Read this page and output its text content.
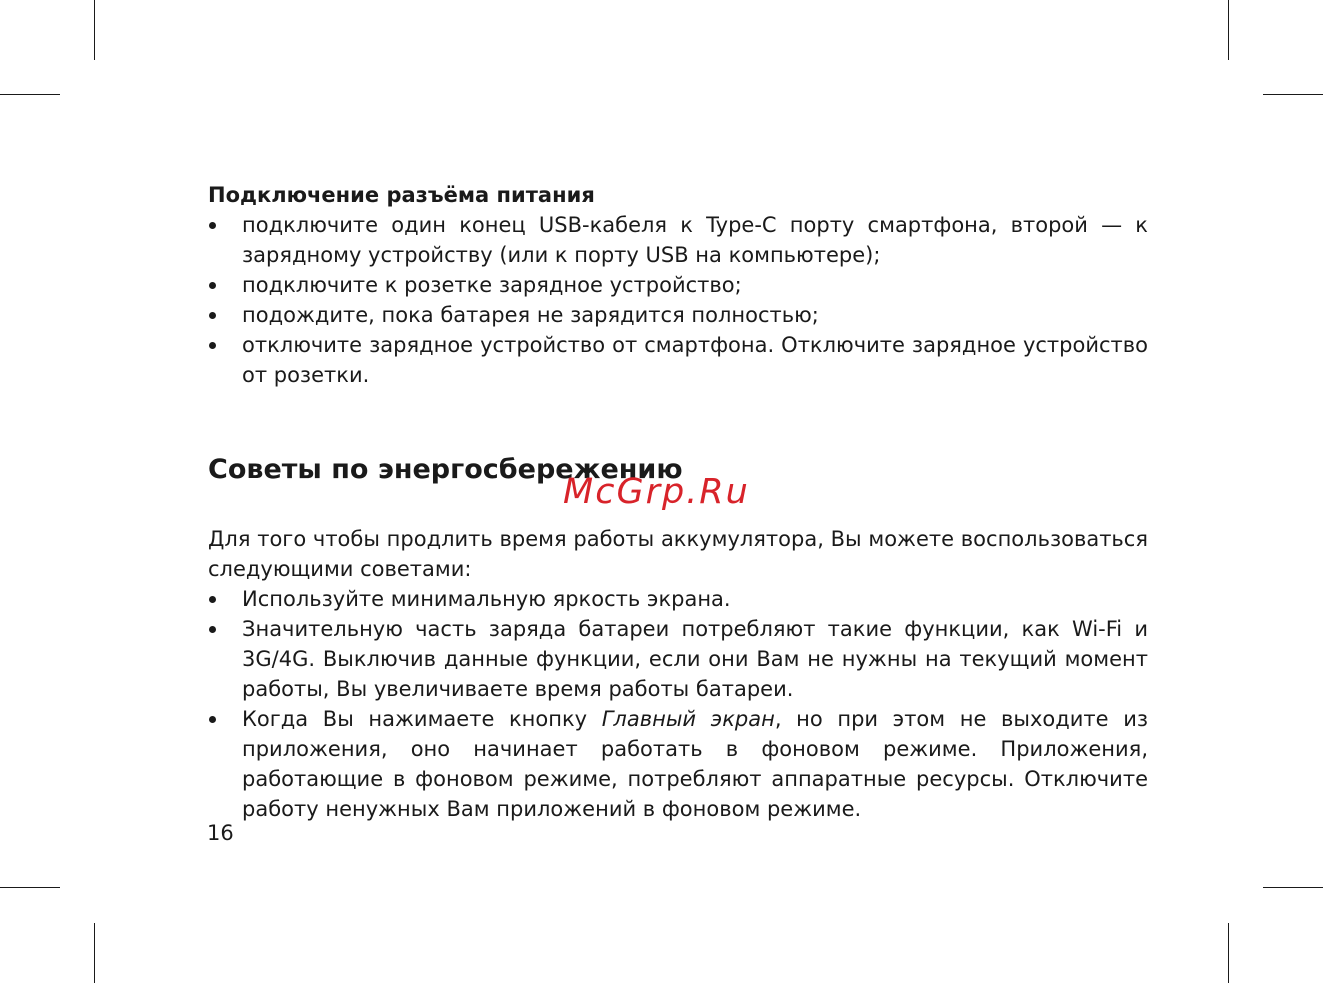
Подключение разъёма питания
подключите один конец USB-кабеля к Type-C порту смартфона, второй — к зарядному устройству (или к порту USB на компьютере);
подключите к розетке зарядное устройство;
подождите, пока батарея не зарядится полностью;
отключите зарядное устройство от смартфона. Отключите зарядное устройство от розетки.
Советы по энергосбережению

Для того чтобы продлить время работы аккумулятора, Вы можете воспользоваться следующими советами:

Используйте минимальную яркость экрана.
Значительную часть заряда батареи потребляют такие функции, как Wi-Fi и 3G/4G. Выключив данные функции, если они Вам не нужны на текущий момент работы, Вы увеличиваете время работы батареи.
Когда Вы нажимаете кнопку Главный экран, но при этом не выходите из приложения, оно начинает работать в фоновом режиме. Приложения, работающие в фоновом режиме, потребляют аппаратные ресурсы. Отключите работу ненужных Вам приложений в фоновом режиме.
McGrp.Ru
16
